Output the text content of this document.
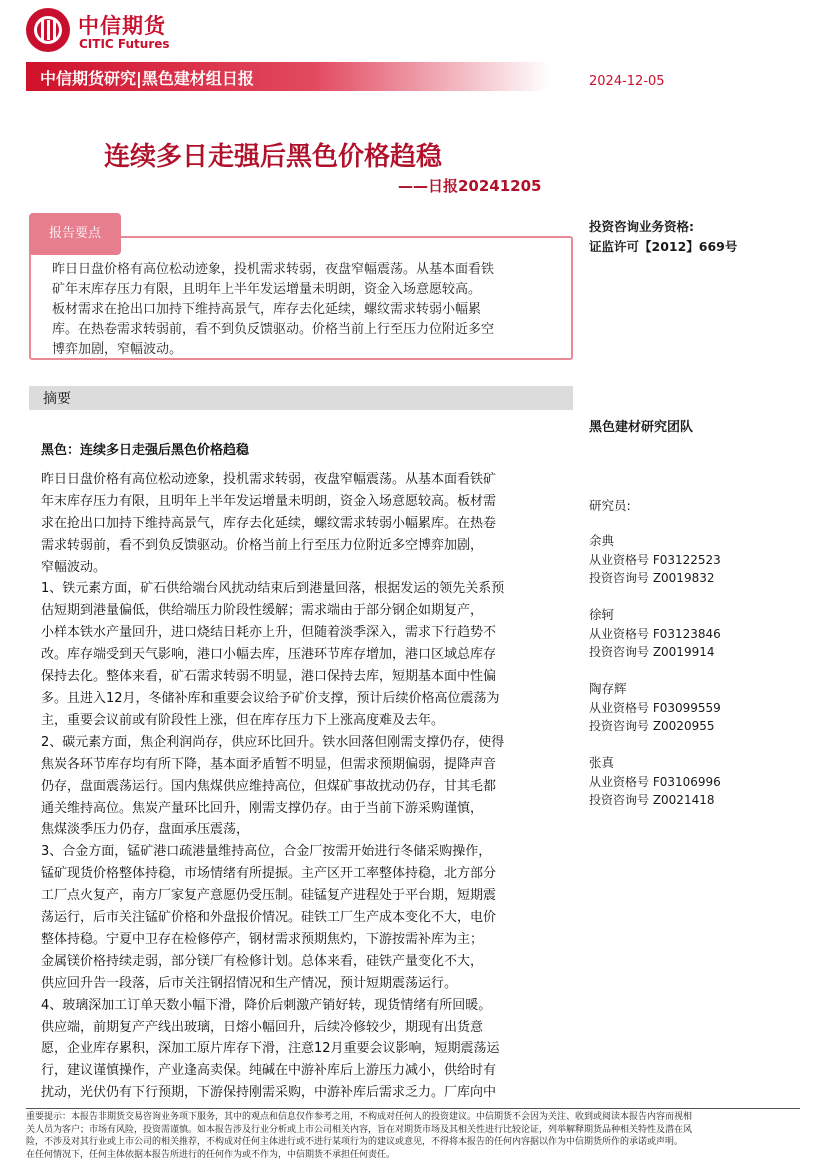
中信期货
CITIC Futures
中信期货研究|黑色建材组日报	2024-12-05
连续多日走强后黑色价格趋稳
——日报20241205
报告要点

昨日日盘价格有高位松动迹象，投机需求转弱，夜盘窄幅震荡。从基本面看铁

矿年末库存压力有限，且明年上半年发运增量未明朗，资金入场意愿较高。

板材需求在抢出口加持下维持高景气，库存去化延续，螺纹需求转弱小幅累

库。在热卷需求转弱前，看不到负反馈驱动。价格当前上行至压力位附近多空

博弈加剧，窄幅波动。

摘要

黑色：连续多日走强后黑色价格趋稳

昨日日盘价格有高位松动迹象，投机需求转弱，夜盘窄幅震荡。从基本面看铁矿

年末库存压力有限，且明年上半年发运增量未明朗，资金入场意愿较高。板材需

求在抢出口加持下维持高景气，库存去化延续，螺纹需求转弱小幅累库。在热卷

需求转弱前，看不到负反馈驱动。价格当前上行至压力位附近多空博弈加剧，

窄幅波动。

1、铁元素方面，矿石供给端台风扰动结束后到港量回落，根据发运的领先关系预

估短期到港量偏低，供给端压力阶段性缓解；需求端由于部分钢企如期复产，

小样本铁水产量回升，进口烧结日耗亦上升，但随着淡季深入，需求下行趋势不

改。库存端受到天气影响，港口小幅去库，压港环节库存增加，港口区域总库存

保持去化。整体来看，矿石需求转弱不明显，港口保持去库，短期基本面中性偏

多。且进入12月，冬储补库和重要会议给予矿价支撑，预计后续价格高位震荡为

主，重要会议前或有阶段性上涨，但在库存压力下上涨高度难及去年。

2、碳元素方面，焦企利润尚存，供应环比回升。铁水回落但刚需支撑仍存，使得

焦炭各环节库存均有所下降，基本面矛盾暂不明显，但需求预期偏弱，提降声音

仍存，盘面震荡运行。国内焦煤供应维持高位，但煤矿事故扰动仍存，甘其毛都

通关维持高位。焦炭产量环比回升，刚需支撑仍存。由于当前下游采购谨慎，

焦煤淡季压力仍存，盘面承压震荡，

3、合金方面，锰矿港口疏港量维持高位，合金厂按需开始进行冬储采购操作，

锰矿现货价格整体持稳，市场情绪有所提振。主产区开工率整体持稳，北方部分

工厂点火复产，南方厂家复产意愿仍受压制。硅锰复产进程处于平台期，短期震

荡运行，后市关注锰矿价格和外盘报价情况。硅铁工厂生产成本变化不大，电价

整体持稳。宁夏中卫存在检修停产，钢材需求预期焦灼，下游按需补库为主；

金属镁价格持续走弱，部分镁厂有检修计划。总体来看，硅铁产量变化不大，

供应回升告一段落，后市关注钢招情况和生产情况，预计短期震荡运行。

4、玻璃深加工订单天数小幅下滑，降价后刺激产销好转，现货情绪有所回暖。

供应端，前期复产产线出玻璃，日熔小幅回升，后续冷修较少，期现有出货意

愿，企业库存累积，深加工原片库存下滑，注意12月重要会议影响，短期震荡运

行，建议谨慎操作，产业逢高卖保。纯碱在中游补库后上游压力减小，供给时有

扰动，光伏仍有下行预期，下游保持刚需采购，中游补库后需求乏力。厂库向中

投资咨询业务资格:
证监许可【2012】669号
黑色建材研究团队
研究员:
余典
从业资格号 F03122523
投资咨询号 Z0019832
徐轲
从业资格号 F03123846
投资咨询号 Z0019914
陶存辉
从业资格号 F03099559
投资咨询号 Z0020955
张真
从业资格号 F03106996
投资咨询号 Z0021418
重要提示：本报告非期货交易咨询业务项下服务，其中的观点和信息仅作参考之用，不构成对任何人的投资建议。中信期货不会因为关注、收到或阅读本报告内容而视相
关人员为客户；市场有风险，投资需谨慎。如本报告涉及行业分析或上市公司相关内容，旨在对期货市场及其相关性进行比较论证，列举解释期货品种相关特性及潜在风
险，不涉及对其行业或上市公司的相关推荐，不构成对任何主体进行或不进行某项行为的建议或意见，不得将本报告的任何内容据以作为中信期货所作的承诺或声明。
在任何情况下，任何主体依据本报告所进行的任何作为或不作为，中信期货不承担任何责任。
